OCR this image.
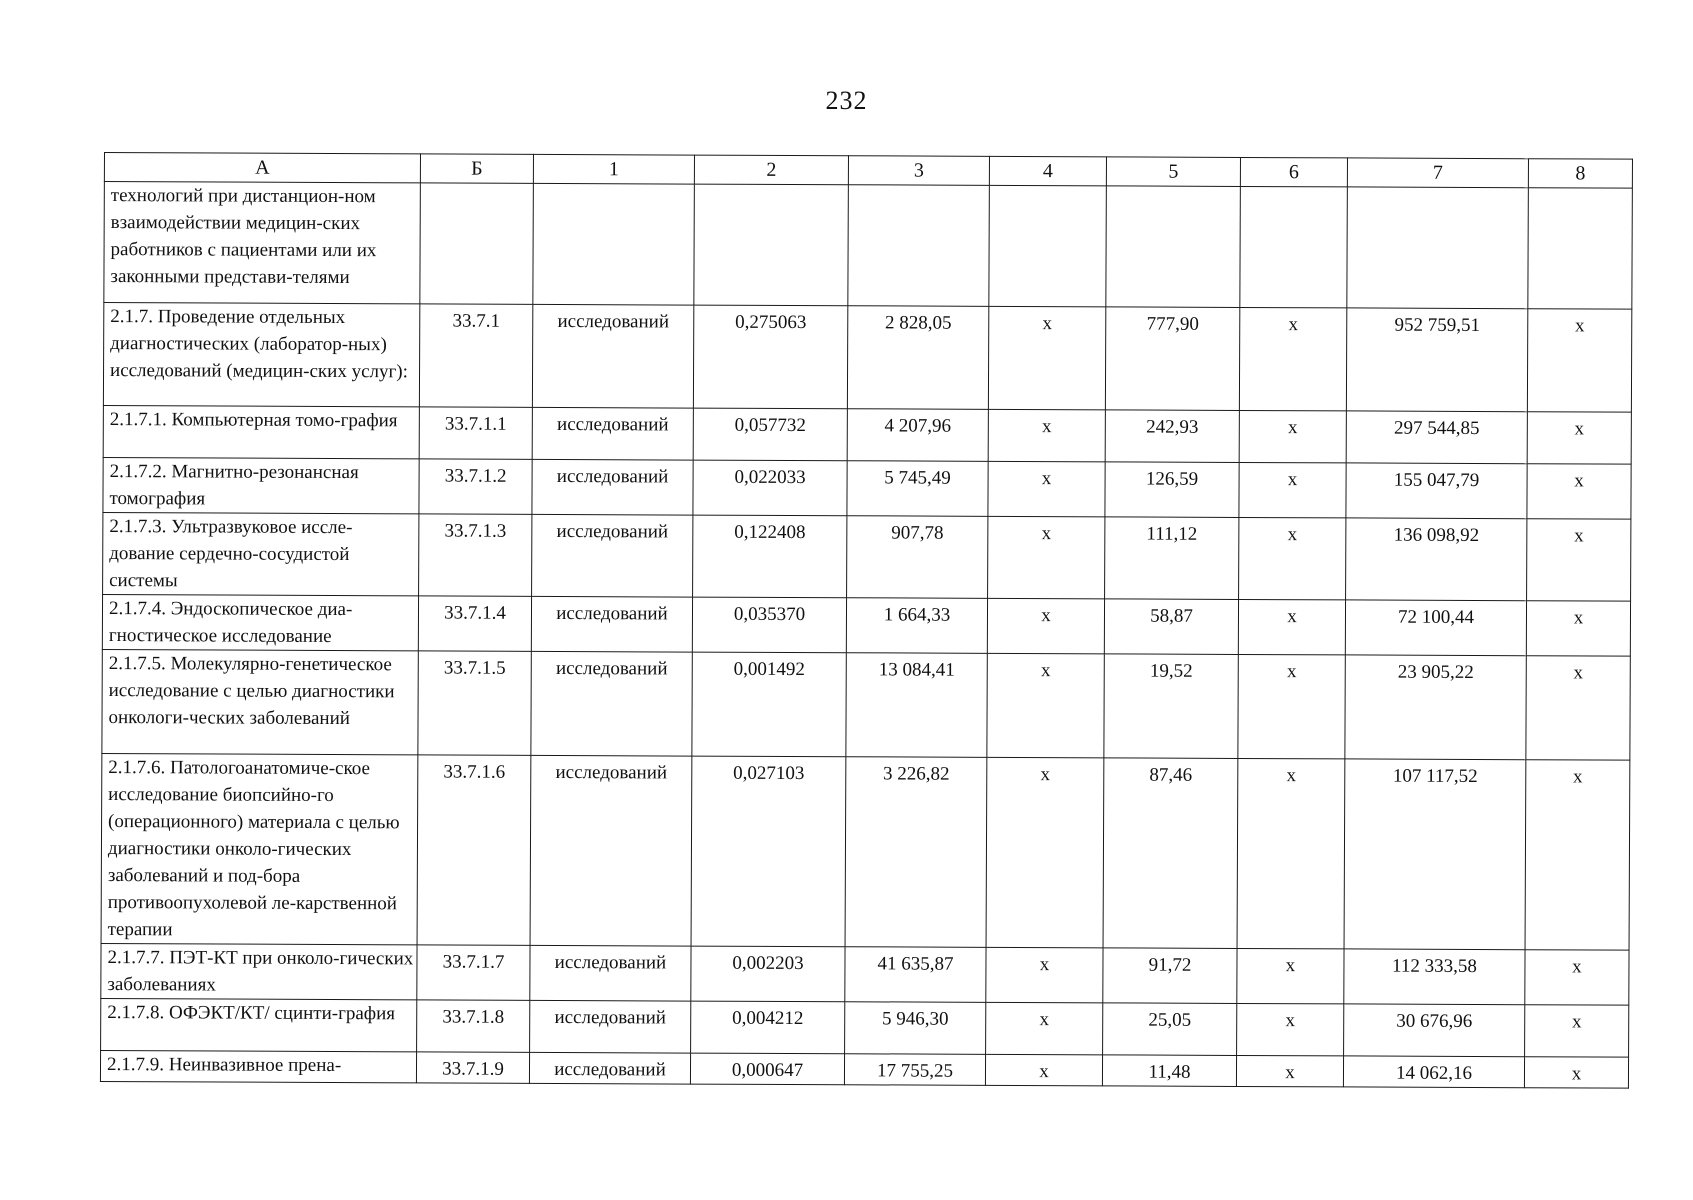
232
А	Б	1	2	3	4	5	6	7	8
технологий при дистанцион-ном взаимодействии медицин-ских работников с пациентами или их законными представи-телями									
2.1.7. Проведение отдельных диагностических (лаборатор-ных) исследований (медицин-ских услуг):	33.7.1	исследований	0,275063	2 828,05	х	777,90	х	952 759,51	х
2.1.7.1. Компьютерная томо-графия	33.7.1.1	исследований	0,057732	4 207,96	х	242,93	х	297 544,85	х
2.1.7.2. Магнитно-резонансная томография	33.7.1.2	исследований	0,022033	5 745,49	х	126,59	х	155 047,79	х
2.1.7.3. Ультразвуковое иссле-дование сердечно-сосудистой системы	33.7.1.3	исследований	0,122408	907,78	х	111,12	х	136 098,92	х
2.1.7.4. Эндоскопическое диа-гностическое исследование	33.7.1.4	исследований	0,035370	1 664,33	х	58,87	х	72 100,44	х
2.1.7.5. Молекулярно-генетическое исследование с целью диагностики онкологи-ческих заболеваний	33.7.1.5	исследований	0,001492	13 084,41	х	19,52	х	23 905,22	х
2.1.7.6. Патологоанатомиче-ское исследование биопсийно-го (операционного) материала с целью диагностики онколо-гических заболеваний и под-бора противоопухолевой ле-карственной терапии	33.7.1.6	исследований	0,027103	3 226,82	х	87,46	х	107 117,52	х
2.1.7.7. ПЭТ-КТ при онколо-гических заболеваниях	33.7.1.7	исследований	0,002203	41 635,87	х	91,72	х	112 333,58	х
2.1.7.8. ОФЭКТ/КТ/ сцинти-графия	33.7.1.8	исследований	0,004212	5 946,30	х	25,05	х	30 676,96	х
2.1.7.9. Неинвазивное прена-	33.7.1.9	исследований	0,000647	17 755,25	х	11,48	х	14 062,16	х
